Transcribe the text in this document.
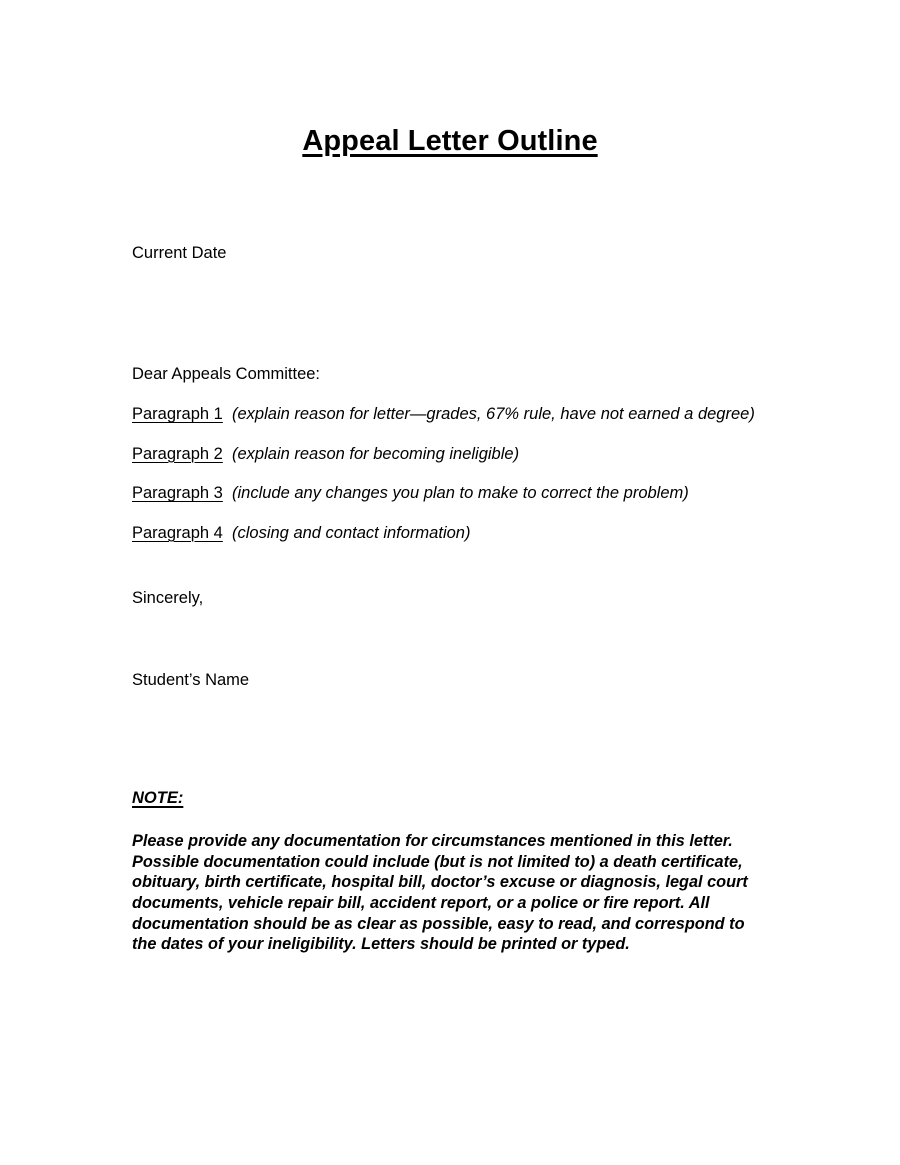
Appeal Letter Outline
Current Date
Dear Appeals Committee:

Paragraph 1 (explain reason for letter—grades, 67% rule, have not earned a degree)

Paragraph 2 (explain reason for becoming ineligible)

Paragraph 3 (include any changes you plan to make to correct the problem)

Paragraph 4 (closing and contact information)

Sincerely,
Student’s Name
NOTE:
Please provide any documentation for circumstances mentioned in this letter. Possible documentation could include (but is not limited to) a death certificate, obituary, birth certificate, hospital bill, doctor’s excuse or diagnosis, legal court documents, vehicle repair bill, accident report, or a police or fire report. All documentation should be as clear as possible, easy to read, and correspond to the dates of your ineligibility. Letters should be printed or typed.
